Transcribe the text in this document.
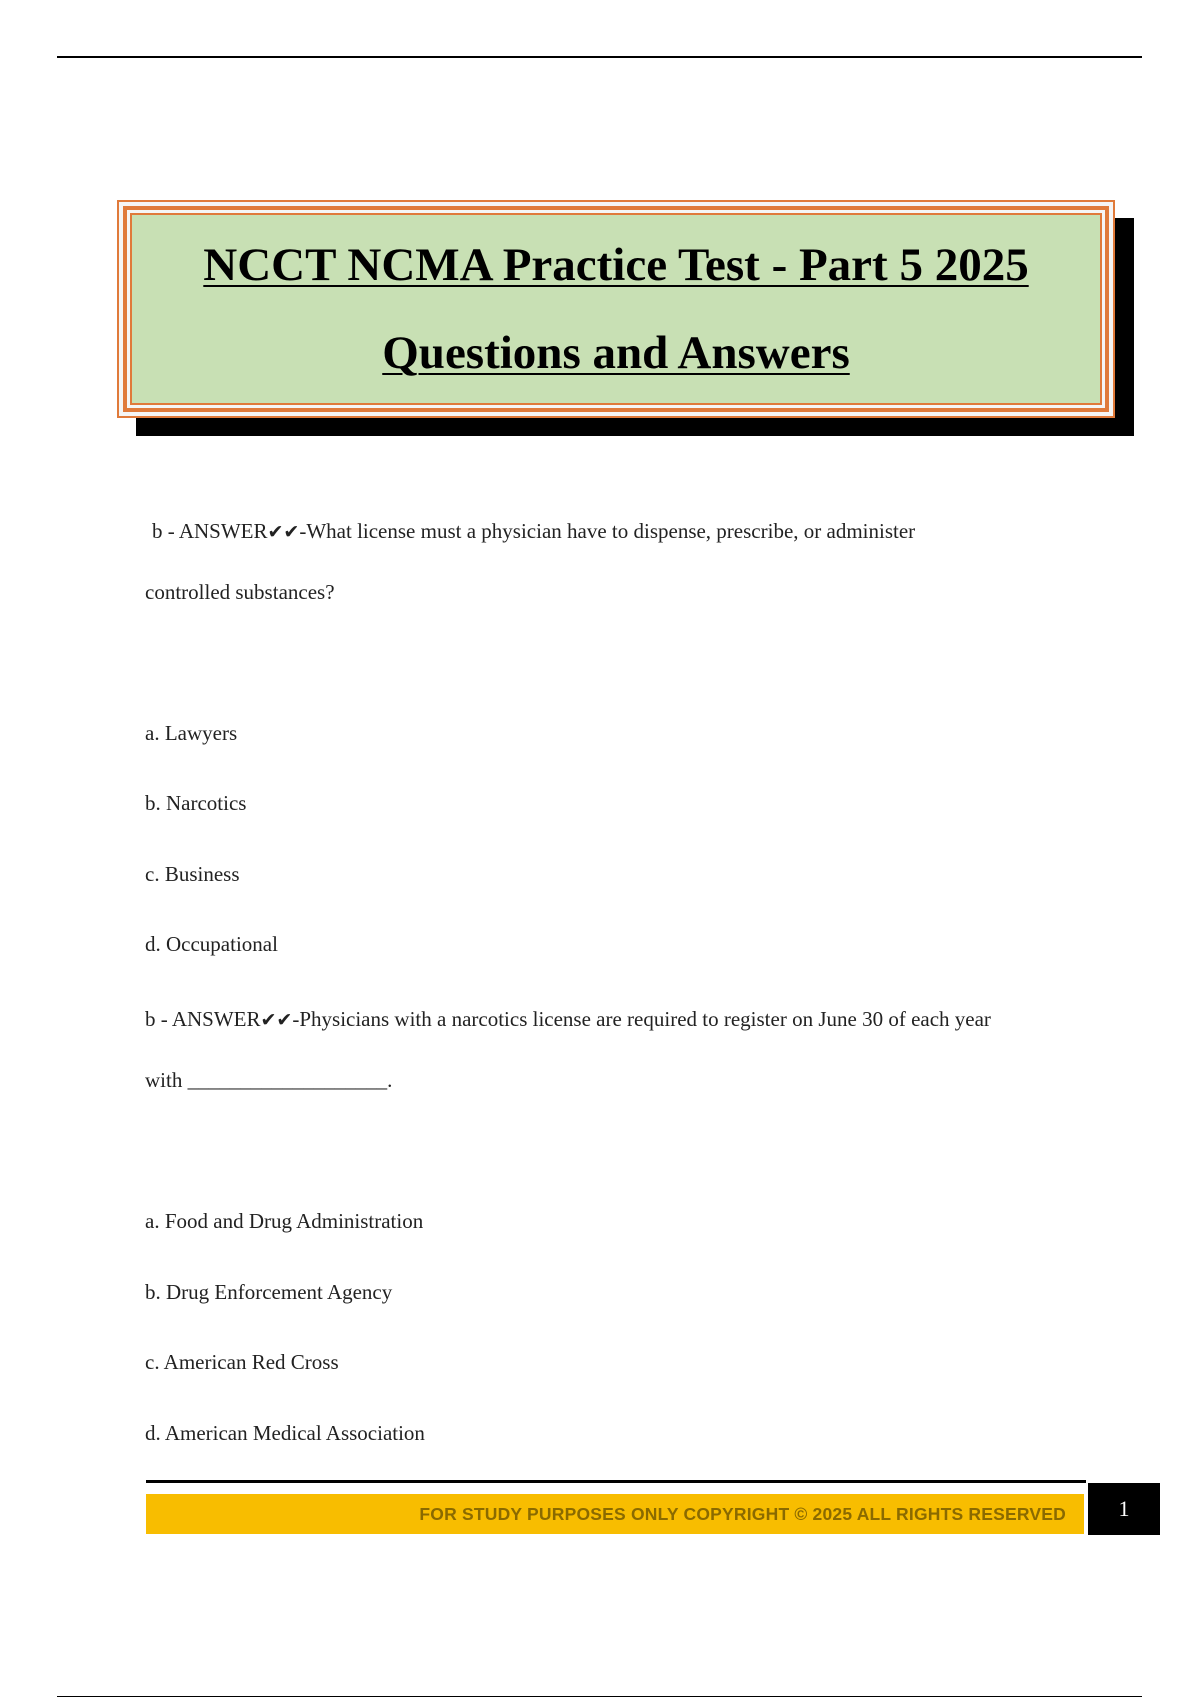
NCCT NCMA Practice Test - Part 5 2025
Questions and Answers
b - ANSWER✔✔-What license must a physician have to dispense, prescribe, or administer
controlled substances?
a. Lawyers
b. Narcotics
c. Business
d. Occupational
b - ANSWER✔✔-Physicians with a narcotics license are required to register on June 30 of each year
with ___________________.
a. Food and Drug Administration
b. Drug Enforcement Agency
c. American Red Cross
d. American Medical Association
FOR STUDY PURPOSES ONLY COPYRIGHT © 2025 ALL RIGHTS RESERVED	1
